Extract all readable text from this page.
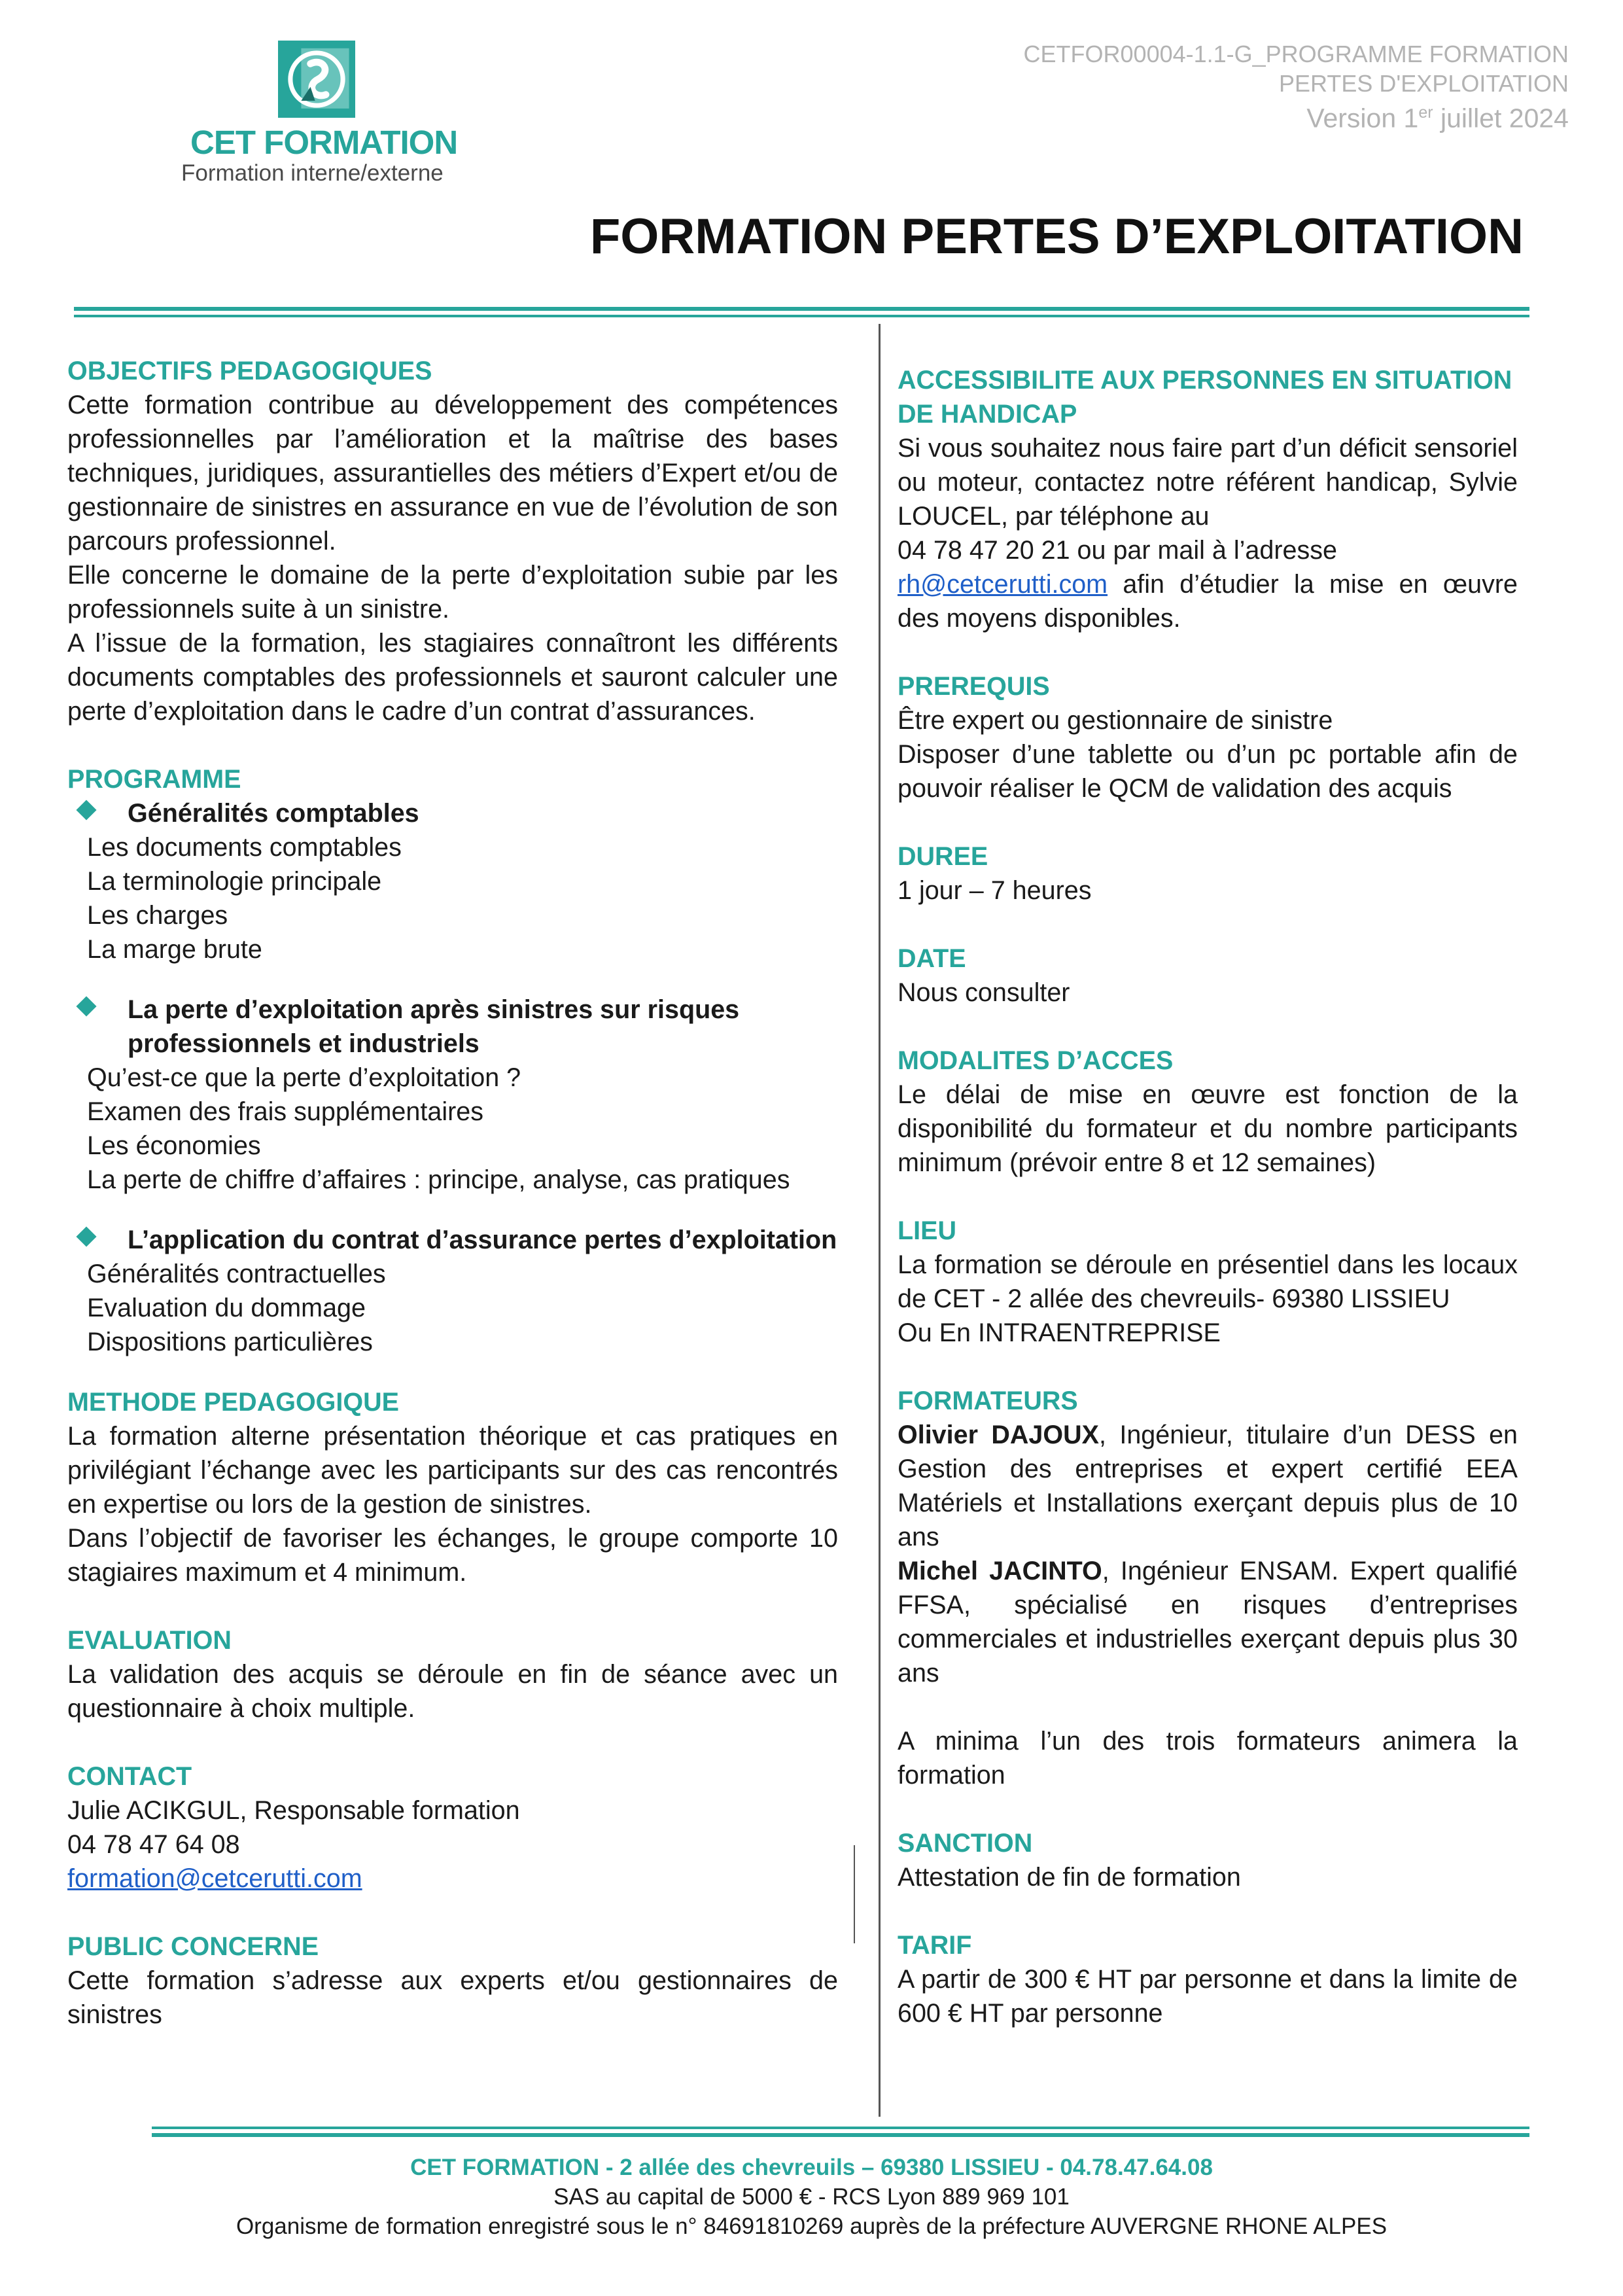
CET FORMATION
Formation interne/externe
CETFOR00004-1.1-G_PROGRAMME FORMATION
PERTES D'EXPLOITATION
Version 1er juillet 2024
FORMATION PERTES D’EXPLOITATION
OBJECTIFS PEDAGOGIQUES
Cette formation contribue au développement des compétences professionnelles par l’amélioration et la maîtrise des bases techniques, juridiques, assurantielles des métiers d’Expert et/ou de gestionnaire de sinistres en assurance en vue de l’évolution de son parcours professionnel.
Elle concerne le domaine de la perte d’exploitation subie par les professionnels suite à un sinistre.
A l’issue de la formation, les stagiaires connaîtront les différents documents comptables des professionnels et sauront calculer une perte d’exploitation dans le cadre d’un contrat d’assurances.
PROGRAMME
Généralités comptables
Les documents comptables
La terminologie principale
Les charges
La marge brute
La perte d’exploitation après sinistres sur risques professionnels et industriels
Qu’est-ce que la perte d’exploitation ?
Examen des frais supplémentaires
Les économies
La perte de chiffre d’affaires : principe, analyse, cas pratiques
L’application du contrat d’assurance pertes d’exploitation
Généralités contractuelles
Evaluation du dommage
Dispositions particulières
METHODE PEDAGOGIQUE
La formation alterne présentation théorique et cas pratiques en privilégiant l’échange avec les participants sur des cas rencontrés en expertise ou lors de la gestion de sinistres.
Dans l’objectif de favoriser les échanges, le groupe comporte 10 stagiaires maximum et 4 minimum.
EVALUATION
La validation des acquis se déroule en fin de séance avec un questionnaire à choix multiple.
CONTACT
Julie ACIKGUL, Responsable formation
04 78 47 64 08
formation@cetcerutti.com
PUBLIC CONCERNE
Cette formation s’adresse aux experts et/ou gestionnaires de sinistres
ACCESSIBILITE AUX PERSONNES EN SITUATION DE HANDICAP
Si vous souhaitez nous faire part d’un déficit sensoriel ou moteur, contactez notre référent handicap, Sylvie LOUCEL, par téléphone au
04 78 47 20 21 ou par mail à l’adresse
rh@cetcerutti.com afin d’étudier la mise en œuvre des moyens disponibles.
PREREQUIS
Être expert ou gestionnaire de sinistre
Disposer d’une tablette ou d’un pc portable afin de pouvoir réaliser le QCM de validation des acquis
DUREE
1 jour – 7 heures
DATE
Nous consulter
MODALITES D’ACCES
Le délai de mise en œuvre est fonction de la disponibilité du formateur et du nombre participants minimum (prévoir entre 8 et 12 semaines)
LIEU
La formation se déroule en présentiel dans les locaux de CET - 2 allée des chevreuils- 69380 LISSIEU
Ou En INTRAENTREPRISE
FORMATEURS
Olivier DAJOUX, Ingénieur, titulaire d’un DESS en Gestion des entreprises et expert certifié EEA Matériels et Installations exerçant depuis plus de 10 ans
Michel JACINTO, Ingénieur ENSAM. Expert qualifié FFSA, spécialisé en risques d’entreprises commerciales et industrielles exerçant depuis plus 30 ans
A minima l’un des trois formateurs animera la formation
SANCTION
Attestation de fin de formation
TARIF
A partir de 300 € HT par personne et dans la limite de 600 € HT par personne
CET FORMATION - 2 allée des chevreuils – 69380 LISSIEU - 04.78.47.64.08
SAS au capital de 5000 € - RCS Lyon 889 969 101
Organisme de formation enregistré sous le n° 84691810269 auprès de la préfecture AUVERGNE RHONE ALPES
